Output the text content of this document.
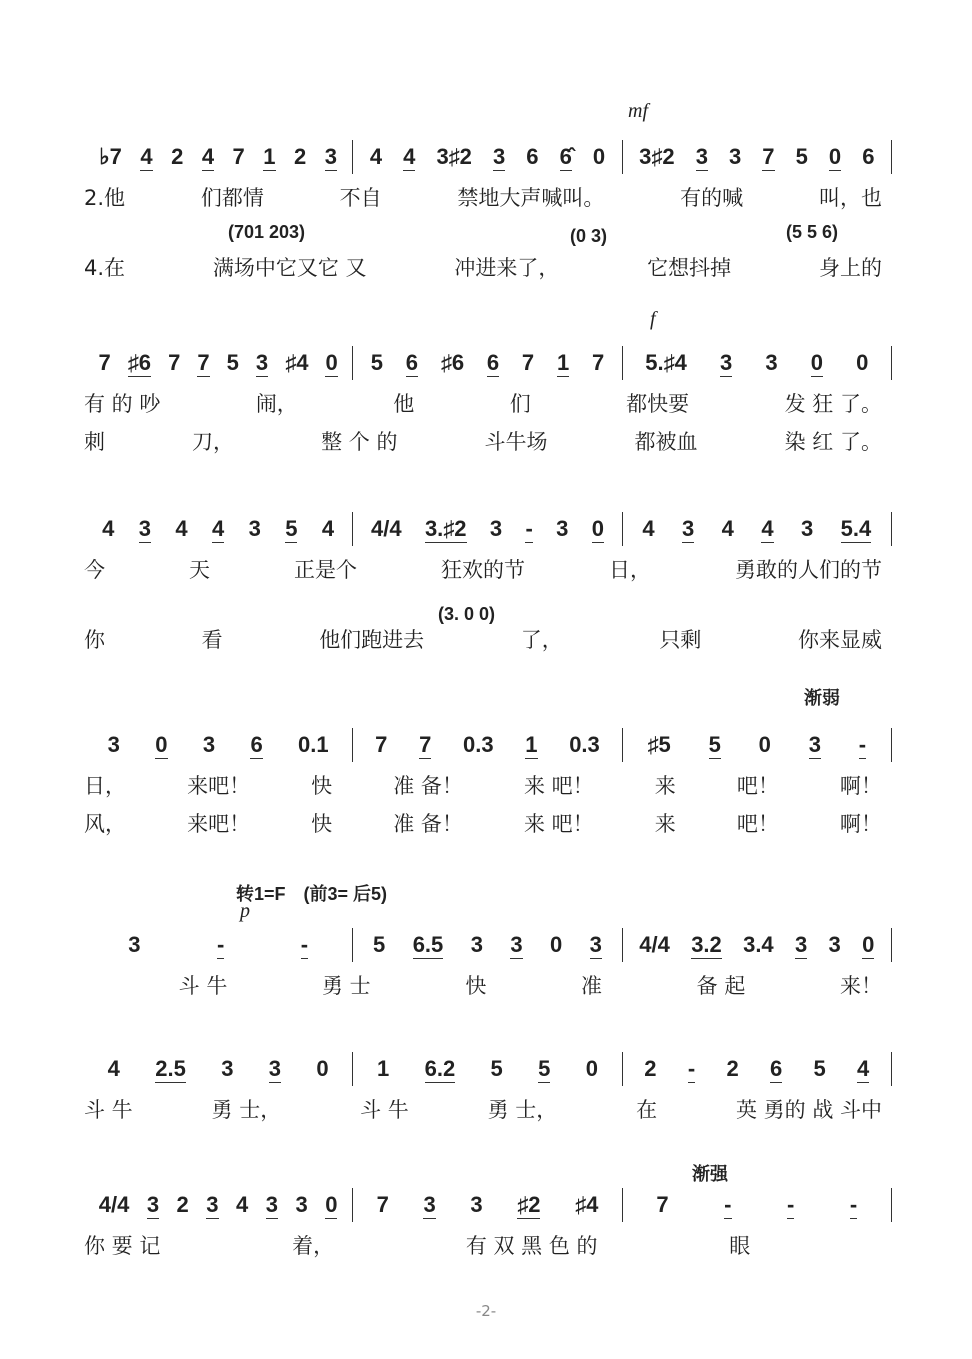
♭7 4 2 4 7 1 2 3 4 4 3♯2 3 6 6̂ 0 3♯2 3 3 7 5 0 6
2.他	们都情	不自	禁地大声喊叫。	有的喊	叫，也
4.在	满场中它又它 又	冲进来了，	它想抖掉	身上的
mf
(701 203)	(0 3)	(5 5 6)
7 ♯6 7 7 5 3 ♯4 0 5 6 ♯6 6 7 1 7 5.♯4 3 3 0 0
有 的 吵	闹，	他	们	都快要	发 狂 了。
刺	刀，	整 个 的	斗牛场	都被血	染 红 了。
f
4 3 4 4 3 5 4 4/4 3.♯2 3 - 3 0 4 3 4 4 3 5.4
今	天	正是个	狂欢的节	日，	勇敢的人们的节
你	看	他们跑进去	了，	只剩	你来显威
(3. 0 0)
3 0 3 6 0.1 7 7 0.3 1 0.3 ♯5 5 0 3 -
日，	来吧！	快	准 备！	来 吧！	来	吧！	啊！
风，	来吧！	快	准 备！	来 吧！	来	吧！	啊！
渐弱
3	-	-	5 6.5 3 3 0 3 4/4 3.2 3.4 3 3 0
斗 牛	勇 士	快	准	备 起	来！
转1=F　(前3= 后5)
p
4 2.5 3 3 0 1 6.2 5 5 0 2 - 2 6 5 4
斗 牛	勇 士，	斗 牛	勇 士，	在	英 勇的 战 斗中
4/4 3 2 3 4 3 3 0 7 3 3 ♯2 ♯4	7	-	-	-
你 要 记	着，	有 双 黑 色 的	眼
渐强
-2-
